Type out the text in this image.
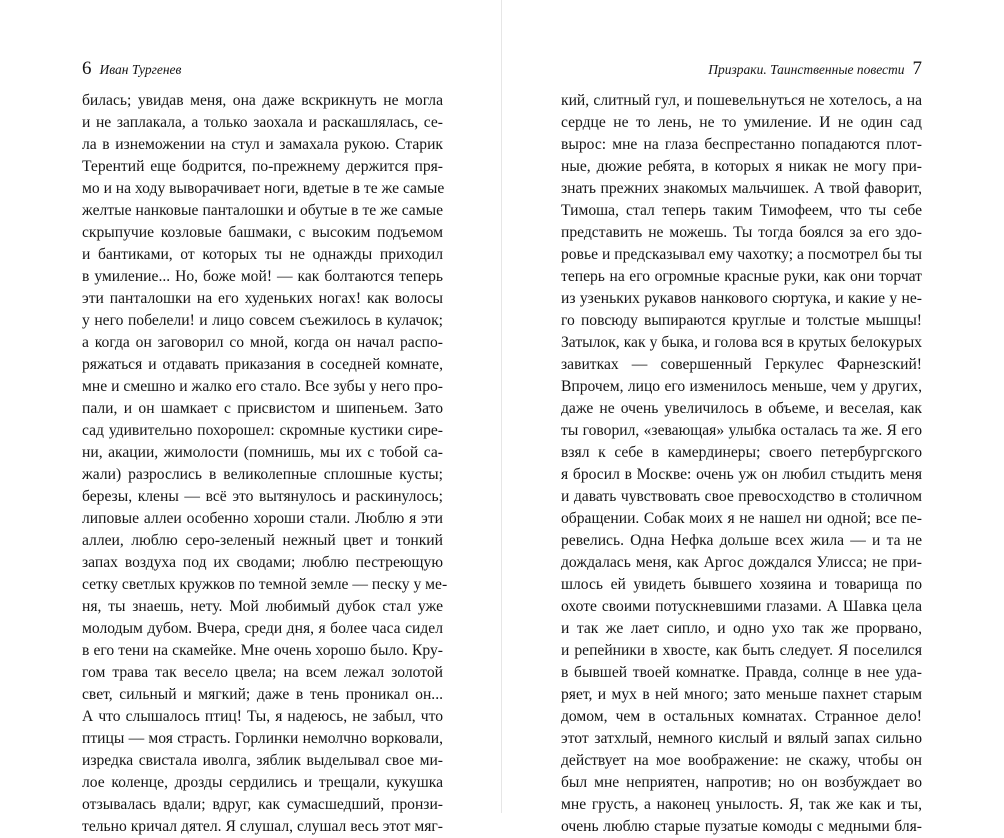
6 Иван Тургенев
билась; увидав меня, она даже вскрикнуть не могла
и не заплакала, а только заохала и раскашлялась, се-
ла в изнеможении на стул и замахала рукою. Старик
Терентий еще бодрится, по-прежнему держится пря-
мо и на ходу выворачивает ноги, вдетые в те же самые
желтые нанковые панталошки и обутые в те же самые
скрыпучие козловые башмаки, с высоким подъемом
и бантиками, от которых ты не однажды приходил
в умиление... Но, боже мой! — как болтаются теперь
эти панталошки на его худеньких ногах! как волосы
у него побелели! и лицо совсем съежилось в кулачок;
а когда он заговорил со мной, когда он начал распо-
ряжаться и отдавать приказания в соседней комнате,
мне и смешно и жалко его стало. Все зубы у него про-
пали, и он шамкает с присвистом и шипеньем. Зато
сад удивительно похорошел: скромные кустики сире-
ни, акации, жимолости (помнишь, мы их с тобой са-
жали) разрослись в великолепные сплошные кусты;
березы, клены — всё это вытянулось и раскинулось;
липовые аллеи особенно хороши стали. Люблю я эти
аллеи, люблю серо-зеленый нежный цвет и тонкий
запах воздуха под их сводами; люблю пестреющую
сетку светлых кружков по темной земле — песку у ме-
ня, ты знаешь, нету. Мой любимый дубок стал уже
молодым дубом. Вчера, среди дня, я более часа сидел
в его тени на скамейке. Мне очень хорошо было. Кру-
гом трава так весело цвела; на всем лежал золотой
свет, сильный и мягкий; даже в тень проникал он...
А что слышалось птиц! Ты, я надеюсь, не забыл, что
птицы — моя страсть. Горлинки немолчно ворковали,
изредка свистала иволга, зяблик выделывал свое ми-
лое коленце, дрозды сердились и трещали, кукушка
отзывалась вдали; вдруг, как сумасшедший, пронзи-
тельно кричал дятел. Я слушал, слушал весь этот мяг-
Призраки. Таинственные повести 7
кий, слитный гул, и пошевельнуться не хотелось, а на
сердце не то лень, не то умиление. И не один сад
вырос: мне на глаза беспрестанно попадаются плот-
ные, дюжие ребята, в которых я никак не могу при-
знать прежних знакомых мальчишек. А твой фаворит,
Тимоша, стал теперь таким Тимофеем, что ты себе
представить не можешь. Ты тогда боялся за его здо-
ровье и предсказывал ему чахотку; а посмотрел бы ты
теперь на его огромные красные руки, как они торчат
из узеньких рукавов нанкового сюртука, и какие у не-
го повсюду выпираются круглые и толстые мышцы!
Затылок, как у быка, и голова вся в крутых белокурых
завитках — совершенный Геркулес Фарнезский!
Впрочем, лицо его изменилось меньше, чем у других,
даже не очень увеличилось в объеме, и веселая, как
ты говорил, «зевающая» улыбка осталась та же. Я его
взял к себе в камердинеры; своего петербургского
я бросил в Москве: очень уж он любил стыдить меня
и давать чувствовать свое превосходство в столичном
обращении. Собак моих я не нашел ни одной; все пе-
ревелись. Одна Нефка дольше всех жила — и та не
дождалась меня, как Аргос дождался Улисса; не при-
шлось ей увидеть бывшего хозяина и товарища по
охоте своими потускневшими глазами. А Шавка цела
и так же лает сипло, и одно ухо так же прорвано,
и репейники в хвосте, как быть следует. Я поселился
в бывшей твоей комнатке. Правда, солнце в нее уда-
ряет, и мух в ней много; зато меньше пахнет старым
домом, чем в остальных комнатах. Странное дело!
этот затхлый, немного кислый и вялый запах сильно
действует на мое воображение: не скажу, чтобы он
был мне неприятен, напротив; но он возбуждает во
мне грусть, а наконец унылость. Я, так же как и ты,
очень люблю старые пузатые комоды с медными бля-
